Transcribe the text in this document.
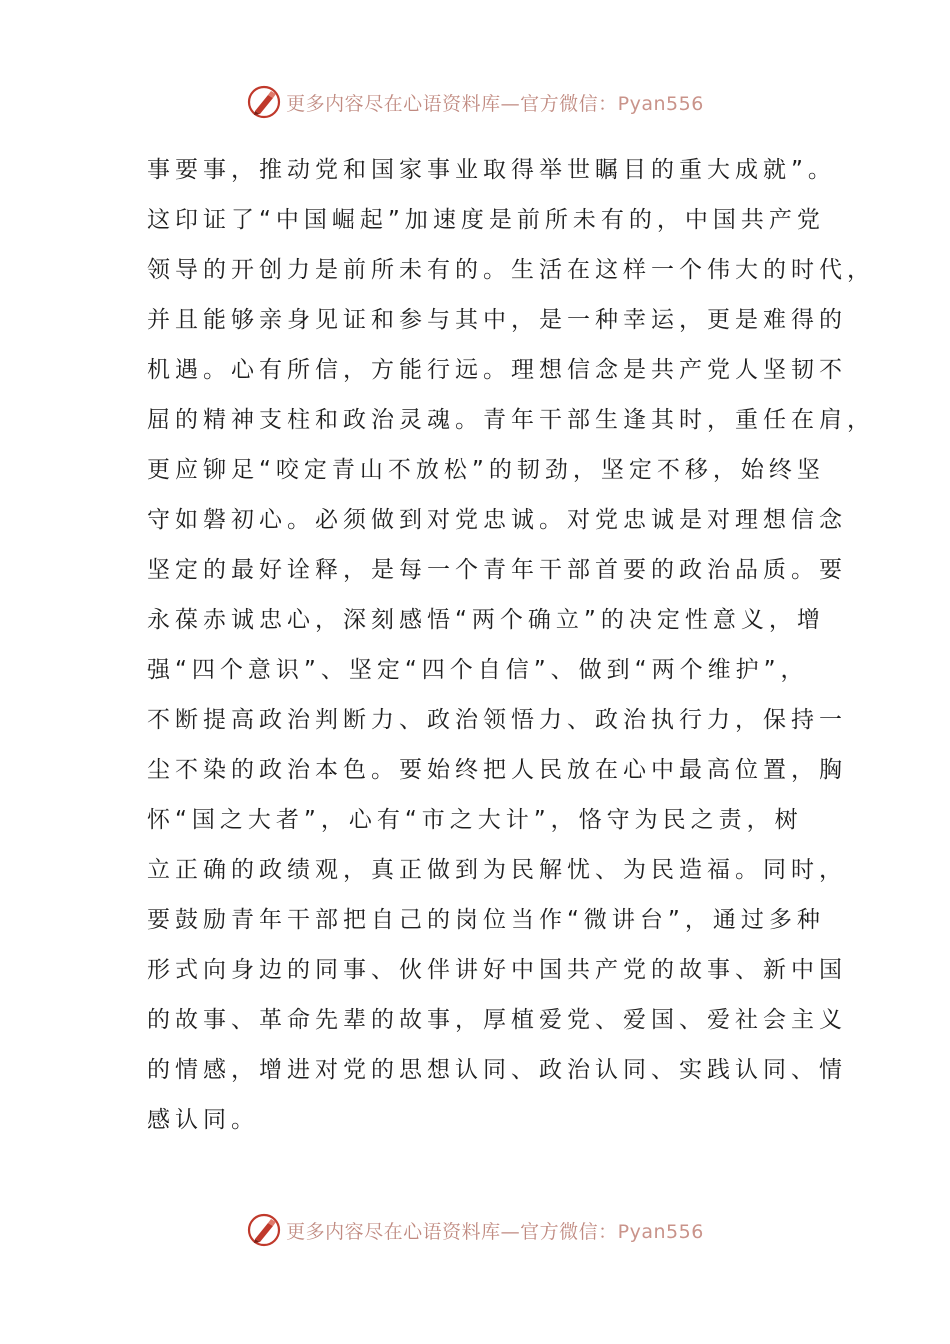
更多内容尽在心语资料库—官方微信：Pyan556
事要事，推动党和国家事业取得举世瞩目的重大成就”。
这印证了“中国崛起”加速度是前所未有的，中国共产党
领导的开创力是前所未有的。生活在这样一个伟大的时代，
并且能够亲身见证和参与其中，是一种幸运，更是难得的
机遇。心有所信，方能行远。理想信念是共产党人坚韧不
屈的精神支柱和政治灵魂。青年干部生逢其时，重任在肩，
更应铆足“咬定青山不放松”的韧劲，坚定不移，始终坚
守如磐初心。必须做到对党忠诚。对党忠诚是对理想信念
坚定的最好诠释，是每一个青年干部首要的政治品质。要
永葆赤诚忠心，深刻感悟“两个确立”的决定性意义，增
强“四个意识”、坚定“四个自信”、做到“两个维护”，
不断提高政治判断力、政治领悟力、政治执行力，保持一
尘不染的政治本色。要始终把人民放在心中最高位置，胸
怀“国之大者”，心有“市之大计”，恪守为民之责，树
立正确的政绩观，真正做到为民解忧、为民造福。同时，
要鼓励青年干部把自己的岗位当作“微讲台”，通过多种
形式向身边的同事、伙伴讲好中国共产党的故事、新中国
的故事、革命先辈的故事，厚植爱党、爱国、爱社会主义
的情感，增进对党的思想认同、政治认同、实践认同、情
感认同。
更多内容尽在心语资料库—官方微信：Pyan556
